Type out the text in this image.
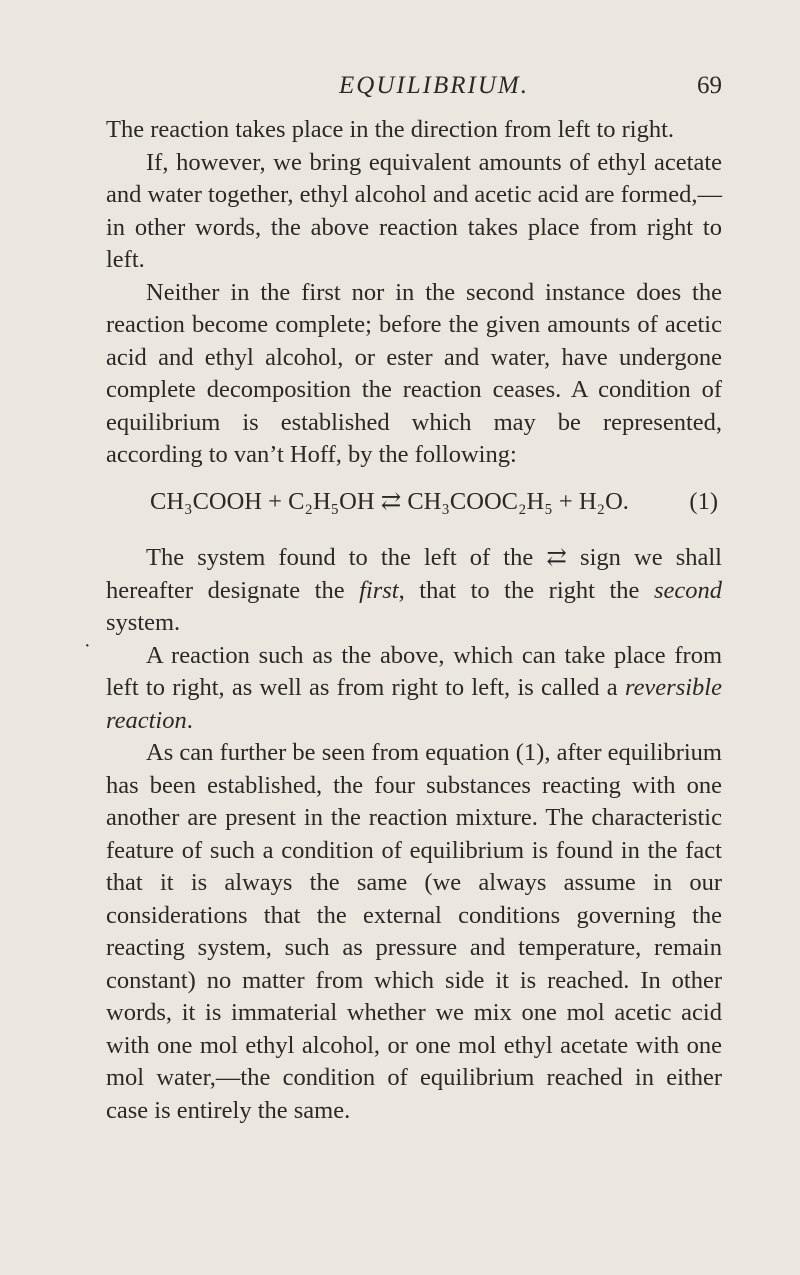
EQUILIBRIUM.	69
·

The reaction takes place in the direction from left to right.

If, however, we bring equivalent amounts of ethyl acetate and water together, ethyl alcohol and acetic acid are formed,—in other words, the above reaction takes place from right to left.

Neither in the first nor in the second instance does the reaction become complete; before the given amounts of acetic acid and ethyl alcohol, or ester and water, have undergone complete decomposition the reaction ceases. A condition of equilibrium is established which may be represented, according to van’t Hoff, by the following:

CH₃COOH + C₂H₅OH ⇄ CH₃COOC₂H₅ + H₂O. (1)

The system found to the left of the ⇄ sign we shall hereafter designate the first, that to the right the second system.

A reaction such as the above, which can take place from left to right, as well as from right to left, is called a reversible reaction.

As can further be seen from equation (1), after equilibrium has been established, the four substances reacting with one another are present in the reaction mixture. The characteristic feature of such a condition of equilibrium is found in the fact that it is always the same (we always assume in our considerations that the external conditions governing the reacting system, such as pressure and temperature, remain constant) no matter from which side it is reached. In other words, it is immaterial whether we mix one mol acetic acid with one mol ethyl alcohol, or one mol ethyl acetate with one mol water,—the condition of equilibrium reached in either case is entirely the same.
